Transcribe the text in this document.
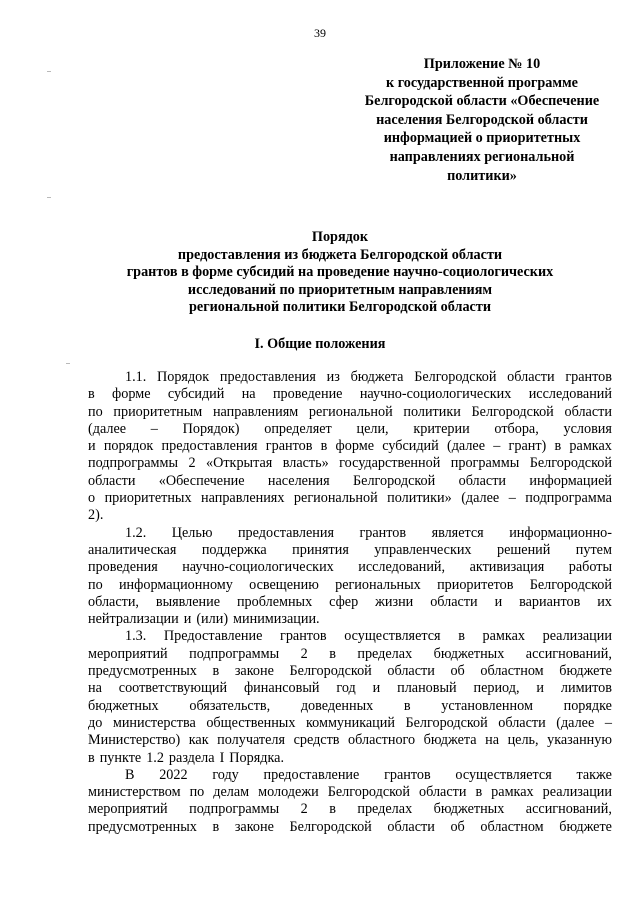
39
Приложение № 10
к государственной программе
Белгородской области «Обеспечение
населения Белгородской области
информацией о приоритетных
направлениях региональной
политики»
Порядок
предоставления из бюджета Белгородской области
грантов в форме субсидий на проведение научно-социологических
исследований по приоритетным направлениям
региональной политики Белгородской области
I. Общие положения
1.1. Порядок предоставления из бюджета Белгородской области грантов
в форме субсидий на проведение научно-социологических исследований
по приоритетным направлениям региональной политики Белгородской области
(далее – Порядок) определяет цели, критерии отбора, условия
и порядок предоставления грантов в форме субсидий (далее – грант) в рамках
подпрограммы 2 «Открытая власть» государственной программы Белгородской
области «Обеспечение населения Белгородской области информацией
о приоритетных направлениях региональной политики» (далее – подпрограмма
2).
1.2. Целью предоставления грантов является информационно-
аналитическая поддержка принятия управленческих решений путем
проведения научно-социологических исследований, активизация работы
по информационному освещению региональных приоритетов Белгородской
области, выявление проблемных сфер жизни области и вариантов их
нейтрализации и (или) минимизации.
1.3. Предоставление грантов осуществляется в рамках реализации
мероприятий подпрограммы 2 в пределах бюджетных ассигнований,
предусмотренных в законе Белгородской области об областном бюджете
на соответствующий финансовый год и плановый период, и лимитов
бюджетных обязательств, доведенных в установленном порядке
до министерства общественных коммуникаций Белгородской области (далее –
Министерство) как получателя средств областного бюджета на цель, указанную
в пункте 1.2 раздела I Порядка.
В 2022 году предоставление грантов осуществляется также
министерством по делам молодежи Белгородской области в рамках реализации
мероприятий подпрограммы 2 в пределах бюджетных ассигнований,
предусмотренных в законе Белгородской области об областном бюджете
